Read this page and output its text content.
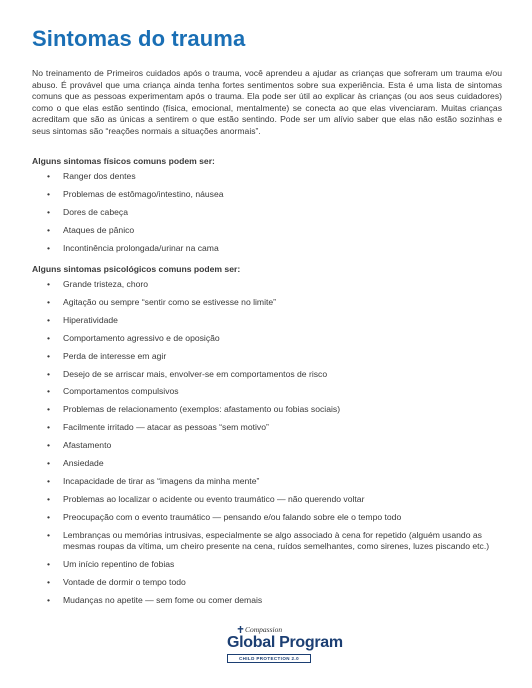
Sintomas do trauma

No treinamento de Primeiros cuidados após o trauma, você aprendeu a ajudar as crianças que sofreram um trauma e/ou abuso. É provável que uma criança ainda tenha fortes sentimentos sobre sua experiência. Esta é uma lista de sintomas comuns que as pessoas experimentam após o trauma. Ela pode ser útil ao explicar às crianças (ou aos seus cuidadores) como o que elas estão sentindo (física, emocional, mentalmente) se conecta ao que elas vivenciaram. Muitas crianças acreditam que são as únicas a sentirem o que estão sentindo. Pode ser um alívio saber que elas não estão sozinhas e seus sintomas são “reações normais a situações anormais”.

Alguns sintomas físicos comuns podem ser:

• Ranger dos dentes
• Problemas de estômago/intestino, náusea
• Dores de cabeça
• Ataques de pânico
• Incontinência prolongada/urinar na cama

Alguns sintomas psicológicos comuns podem ser:

• Grande tristeza, choro
• Agitação ou sempre “sentir como se estivesse no limite”
• Hiperatividade
• Comportamento agressivo e de oposição
• Perda de interesse em agir
• Desejo de se arriscar mais, envolver-se em comportamentos de risco
• Comportamentos compulsivos
• Problemas de relacionamento (exemplos: afastamento ou fobias sociais)
• Facilmente irritado — atacar as pessoas “sem motivo”
• Afastamento
• Ansiedade
• Incapacidade de tirar as “imagens da minha mente”
• Problemas ao localizar o acidente ou evento traumático — não querendo voltar
• Preocupação com o evento traumático — pensando e/ou falando sobre ele o tempo todo
• Lembranças ou memórias intrusivas, especialmente se algo associado à cena for repetido (alguém usando as mesmas roupas da vítima, um cheiro presente na cena, ruídos semelhantes, como sirenes, luzes piscando etc.)
• Um início repentino de fobias
• Vontade de dormir o tempo todo
• Mudanças no apetite — sem fome ou comer demais
Compassion
Global Program
CHILD PROTECTION 2.0
